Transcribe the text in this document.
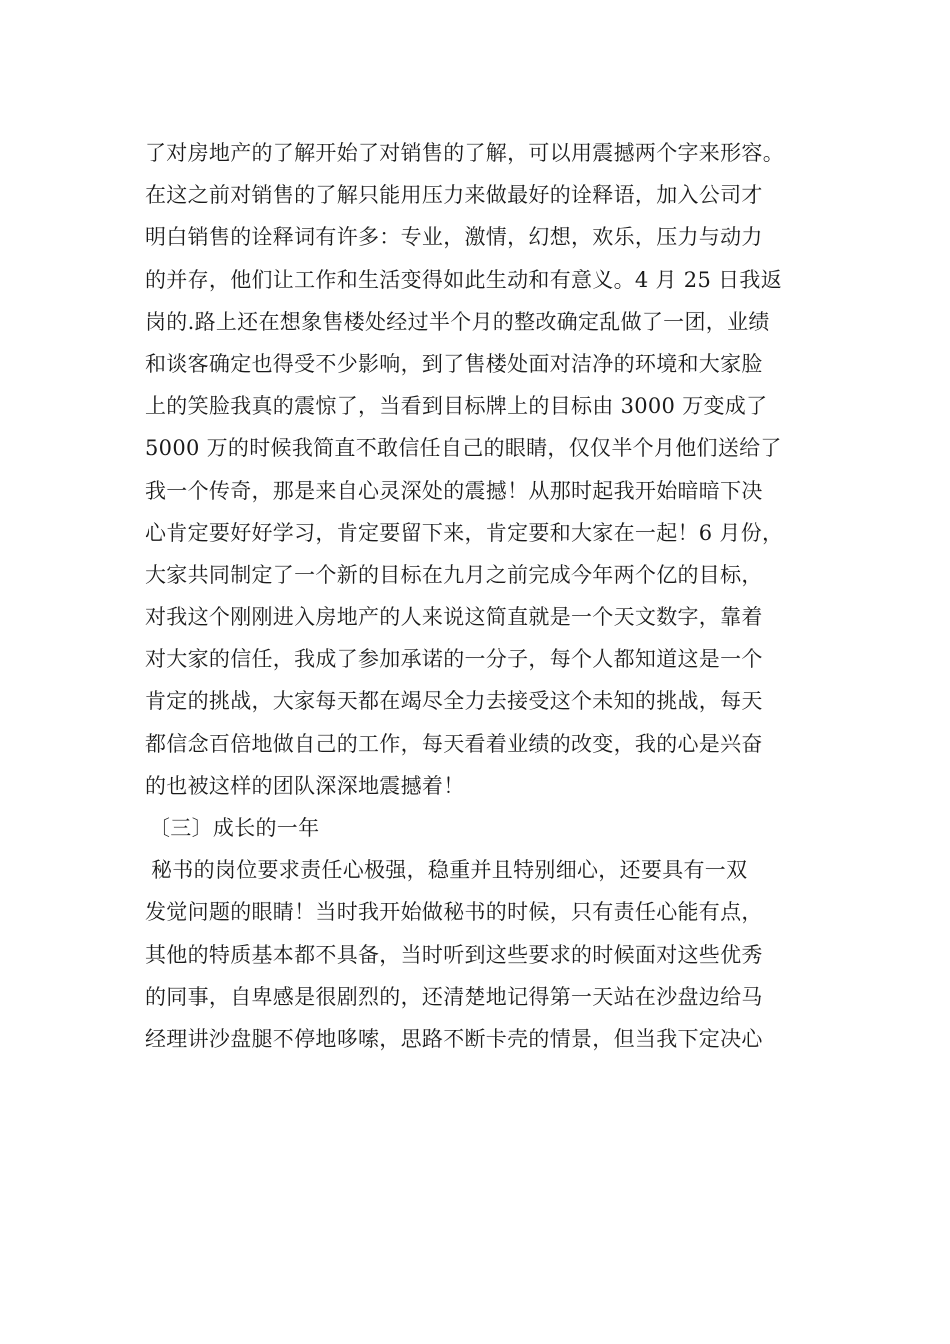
了对房地产的了解开始了对销售的了解，可以用震撼两个字来形容。
在这之前对销售的了解只能用压力来做最好的诠释语，加入公司才
明白销售的诠释词有许多：专业，激情，幻想，欢乐，压力与动力
的并存，他们让工作和生活变得如此生动和有意义。4 月 25 日我返
岗的.路上还在想象售楼处经过半个月的整改确定乱做了一团，业绩
和谈客确定也得受不少影响，到了售楼处面对洁净的环境和大家脸
上的笑脸我真的震惊了，当看到目标牌上的目标由 3000 万变成了
5000 万的时候我简直不敢信任自己的眼睛，仅仅半个月他们送给了
我一个传奇，那是来自心灵深处的震撼！从那时起我开始暗暗下决
心肯定要好好学习，肯定要留下来，肯定要和大家在一起！6 月份，
大家共同制定了一个新的目标在九月之前完成今年两个亿的目标，
对我这个刚刚进入房地产的人来说这简直就是一个天文数字，靠着
对大家的信任，我成了参加承诺的一分子，每个人都知道这是一个
肯定的挑战，大家每天都在竭尽全力去接受这个未知的挑战，每天
都信念百倍地做自己的工作，每天看着业绩的改变，我的心是兴奋
的也被这样的团队深深地震撼着！
〔三〕成长的一年
秘书的岗位要求责任心极强，稳重并且特别细心，还要具有一双
发觉问题的眼睛！当时我开始做秘书的时候，只有责任心能有点，
其他的特质基本都不具备，当时听到这些要求的时候面对这些优秀
的同事，自卑感是很剧烈的，还清楚地记得第一天站在沙盘边给马
经理讲沙盘腿不停地哆嗦，思路不断卡壳的情景，但当我下定决心
